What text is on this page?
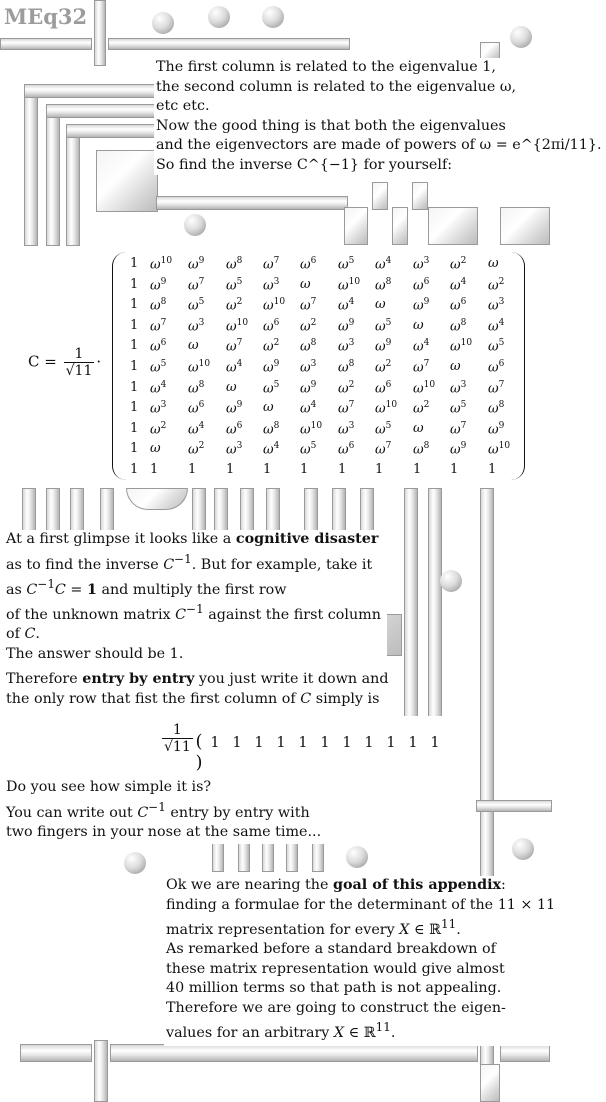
MEq32
The first column is related to the eigenvalue 1,
the second column is related to the eigenvalue ω,
etc etc.
Now the good thing is that both the eigenvalues
and the eigenvectors are made of powers of ω = e^{2πi/11}.
So find the inverse C^{−1} for yourself:
$C = \frac{1}{√11}$ ·
1 $\omega^{10}$ $\omega^9$ $\omega^8$ $\omega^7$ $\omega^6$ $\omega^5$ $\omega^4$ $\omega^3$ $\omega^2$ ω
1 $\omega^9$ $\omega^7$ $\omega^5$ $\omega^3$ ω $\omega^{10}$ $\omega^8$ $\omega^6$ $\omega^4$ $\omega^2$
1 $\omega^8$ $\omega^5$ $\omega^2$ $\omega^{10}$ $\omega^7$ $\omega^4$ ω $\omega^9$ $\omega^6$ $\omega^3$
1 $\omega^7$ $\omega^3$ $\omega^{10}$ $\omega^6$ $\omega^2$ $\omega^9$ $\omega^5$ ω $\omega^8$ $\omega^4$
1 $\omega^6$ ω $\omega^7$ $\omega^2$ $\omega^8$ $\omega^3$ $\omega^9$ $\omega^4$ $\omega^{10}$ $\omega^5$
1 $\omega^5$ $\omega^{10}$ $\omega^4$ $\omega^9$ $\omega^3$ $\omega^8$ $\omega^2$ $\omega^7$ ω $\omega^6$
1 $\omega^4$ $\omega^8$ ω $\omega^5$ $\omega^9$ $\omega^2$ $\omega^6$ $\omega^{10}$ $\omega^3$ $\omega^7$
1 $\omega^3$ $\omega^6$ $\omega^9$ ω $\omega^4$ $\omega^7$ $\omega^{10}$ $\omega^2$ $\omega^5$ $\omega^8$
1 $\omega^2$ $\omega^4$ $\omega^6$ $\omega^8$ $\omega^{10}$ $\omega^3$ $\omega^5$ ω $\omega^7$ $\omega^9$
1 ω $\omega^2$ $\omega^3$ $\omega^4$ $\omega^5$ $\omega^6$ $\omega^7$ $\omega^8$ $\omega^9$ $\omega^{10}$
1 1 1 1 1 1 1 1 1 1 1
At a first glimpse it looks like a cognitive disaster
as to find the inverse $C^{-1}$. But for example, take it
as $C^{-1}C = 1$ and multiply the first row
of the unknown matrix $C^{-1}$ against the first column
of C.
The answer should be 1.
Therefore entry by entry you just write it down and
the only row that fist the first column of C simply is
$\frac{1}{√11}$ ( 1 1 1 1 1 1 1 1 1 1 1)
Do you see how simple it is?
You can write out $C^{-1}$ entry by entry with
two fingers in your nose at the same time...
Ok we are nearing the goal of this appendix:
finding a formulae for the determinant of the 11 × 11
matrix representation for every X ∈ ℝ$^{11}$.
As remarked before a standard breakdown of
these matrix representation would give almost
40 million terms so that path is not appealing.
Therefore we are going to construct the eigen-
values for an arbitrary X ∈ ℝ$^{11}$.
